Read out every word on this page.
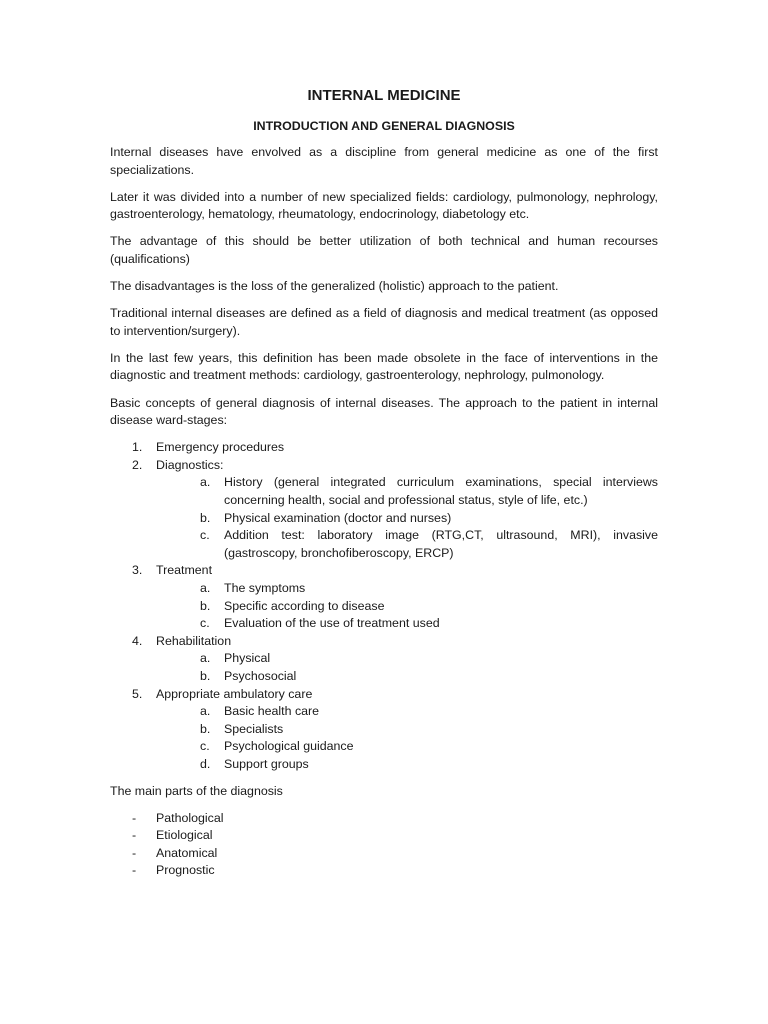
INTERNAL MEDICINE
INTRODUCTION AND GENERAL DIAGNOSIS

Internal diseases have envolved as a discipline from general medicine as one of the first specializations.

Later it was divided into a number of new specialized fields: cardiology, pulmonology, nephrology, gastroenterology, hematology, rheumatology, endocrinology, diabetology etc.

The advantage of this should be better utilization of both technical and human recourses (qualifications)

The disadvantages is the loss of the generalized (holistic) approach to the patient.

Traditional internal diseases are defined as a field of diagnosis and medical treatment (as opposed to intervention/surgery).

In the last few years, this definition has been made obsolete in the face of interventions in the diagnostic and treatment methods: cardiology, gastroenterology, nephrology, pulmonology.

Basic concepts of general diagnosis of internal diseases. The approach to the patient in internal disease ward-stages:

1. Emergency procedures
2. Diagnostics:
a. History (general integrated curriculum examinations, special interviews concerning health, social and professional status, style of life, etc.)
b. Physical examination (doctor and nurses)
c. Addition test: laboratory image (RTG,CT, ultrasound, MRI), invasive (gastroscopy, bronchofiberoscopy, ERCP)
3. Treatment
a. The symptoms
b. Specific according to disease
c. Evaluation of the use of treatment used
4. Rehabilitation
a. Physical
b. Psychosocial
5. Appropriate ambulatory care
a. Basic health care
b. Specialists
c. Psychological guidance
d. Support groups

The main parts of the diagnosis

- Pathological
- Etiological
- Anatomical
- Prognostic
